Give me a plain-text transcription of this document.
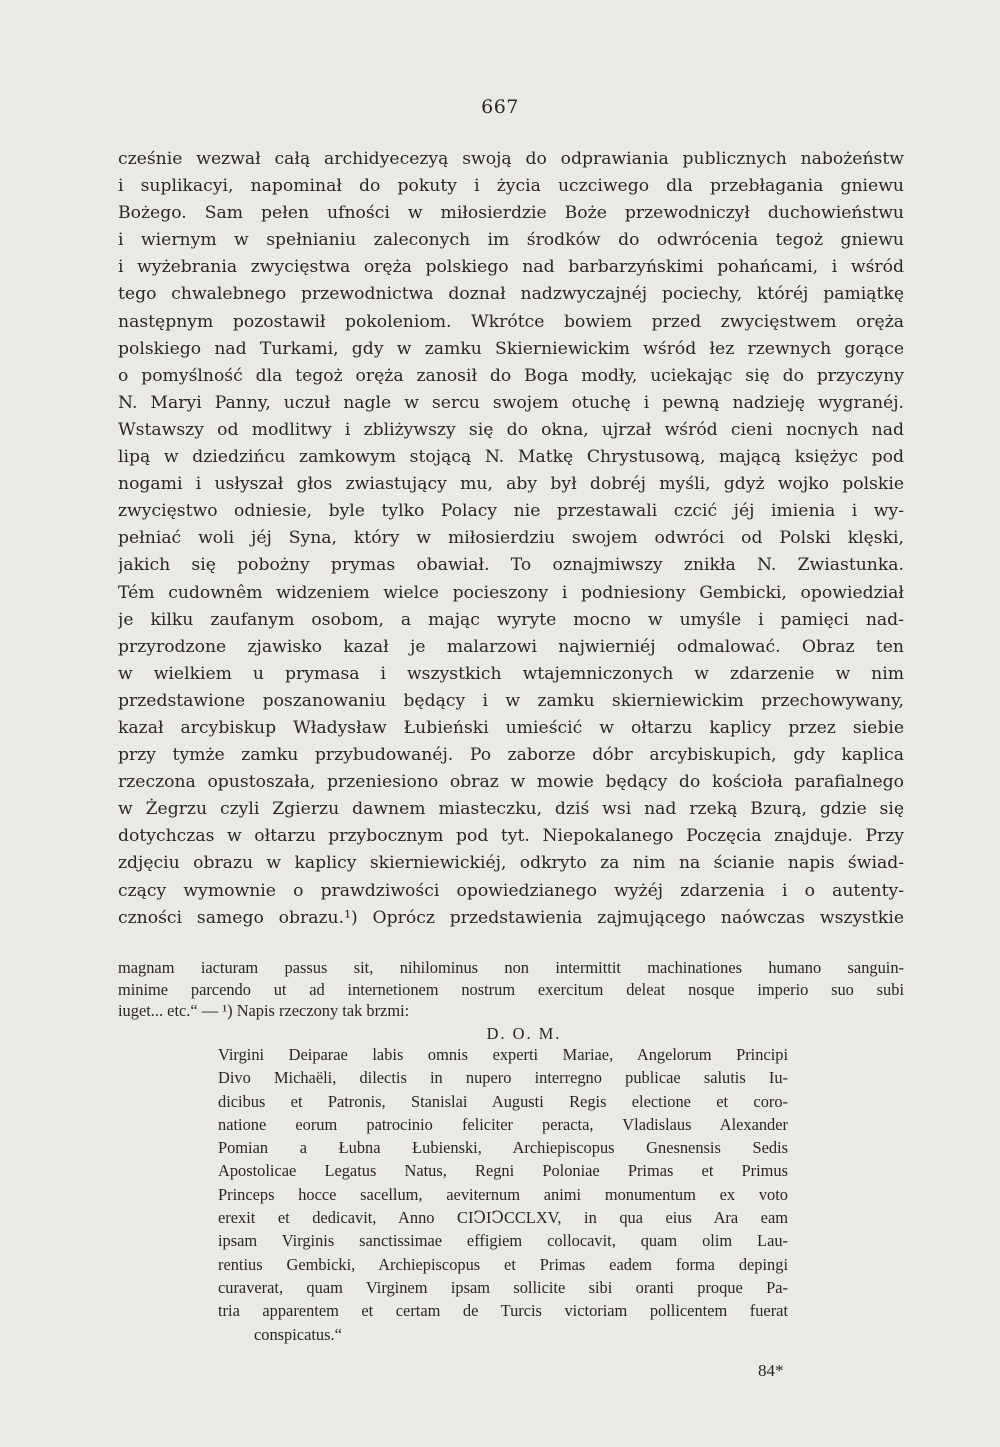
667
cześnie wezwał całą archidyecezyą swoją do odprawiania publicznych nabożeństw
i suplikacyi, napominał do pokuty i życia uczciwego dla przebłagania gniewu
Bożego. Sam pełen ufności w miłosierdzie Boże przewodniczył duchowieństwu
i wiernym w spełnianiu zaleconych im środków do odwrócenia tegoż gniewu
i wyżebrania zwycięstwa oręża polskiego nad barbarzyńskimi pohańcami, i wśród
tego chwalebnego przewodnictwa doznał nadzwyczajnéj pociechy, któréj pamiątkę
następnym pozostawił pokoleniom. Wkrótce bowiem przed zwycięstwem oręża
polskiego nad Turkami, gdy w zamku Skierniewickim wśród łez rzewnych gorące
o pomyślność dla tegoż oręża zanosił do Boga modły, uciekając się do przyczyny
N. Maryi Panny, uczuł nagle w sercu swojem otuchę i pewną nadzieję wygranéj.
Wstawszy od modlitwy i zbliżywszy się do okna, ujrzał wśród cieni nocnych nad
lipą w dziedzińcu zamkowym stojącą N. Matkę Chrystusową, mającą księżyc pod
nogami i usłyszał głos zwiastujący mu, aby był dobréj myśli, gdyż wojko polskie
zwycięstwo odniesie, byle tylko Polacy nie przestawali czcić jéj imienia i wy-
pełniać woli jéj Syna, który w miłosierdziu swojem odwróci od Polski klęski,
jakich się pobożny prymas obawiał. To oznajmiwszy znikła N. Zwiastunka.
Tém cudownêm widzeniem wielce pocieszony i podniesiony Gembicki, opowiedział
je kilku zaufanym osobom, a mając wyryte mocno w umyśle i pamięci nad-
przyrodzone zjawisko kazał je malarzowi najwierniéj odmalować. Obraz ten
w wielkiem u prymasa i wszystkich wtajemniczonych w zdarzenie w nim
przedstawione poszanowaniu będący i w zamku skierniewickim przechowywany,
kazał arcybiskup Władysław Łubieński umieścić w ołtarzu kaplicy przez siebie
przy tymże zamku przybudowanéj. Po zaborze dóbr arcybiskupich, gdy kaplica
rzeczona opustoszała, przeniesiono obraz w mowie będący do kościoła parafialnego
w Żegrzu czyli Zgierzu dawnem miasteczku, dziś wsi nad rzeką Bzurą, gdzie się
dotychczas w ołtarzu przybocznym pod tyt. Niepokalanego Poczęcia znajduje. Przy
zdjęciu obrazu w kaplicy skierniewickiéj, odkryto za nim na ścianie napis świad-
czący wymownie o prawdziwości opowiedzianego wyżéj zdarzenia i o autenty-
czności samego obrazu.¹) Oprócz przedstawienia zajmującego naówczas wszystkie
magnam iacturam passus sit, nihilominus non intermittit machinationes humano sanguin-
minime parcendo ut ad internetionem nostrum exercitum deleat nosque imperio suo subi
iuget... etc.“ — ¹) Napis rzeczony tak brzmi:
D. O. M.
Virgini Deiparae labis omnis experti Mariae, Angelorum Principi
Divo Michaëli, dilectis in nupero interregno publicae salutis Iu-
dicibus et Patronis, Stanislai Augusti Regis electione et coro-
natione eorum patrocinio feliciter peracta, Vladislaus Alexander
Pomian a Łubna Łubienski, Archiepiscopus Gnesnensis Sedis
Apostolicae Legatus Natus, Regni Poloniae Primas et Primus
Princeps hocce sacellum, aeviternum animi monumentum ex voto
erexit et dedicavit, Anno CIↃIↃCCLXV, in qua eius Ara eam
ipsam Virginis sanctissimae effigiem collocavit, quam olim Lau-
rentius Gembicki, Archiepiscopus et Primas eadem forma depingi
curaverat, quam Virginem ipsam sollicite sibi oranti proque Pa-
tria apparentem et certam de Turcis victoriam pollicentem fuerat
conspicatus.“
84*
